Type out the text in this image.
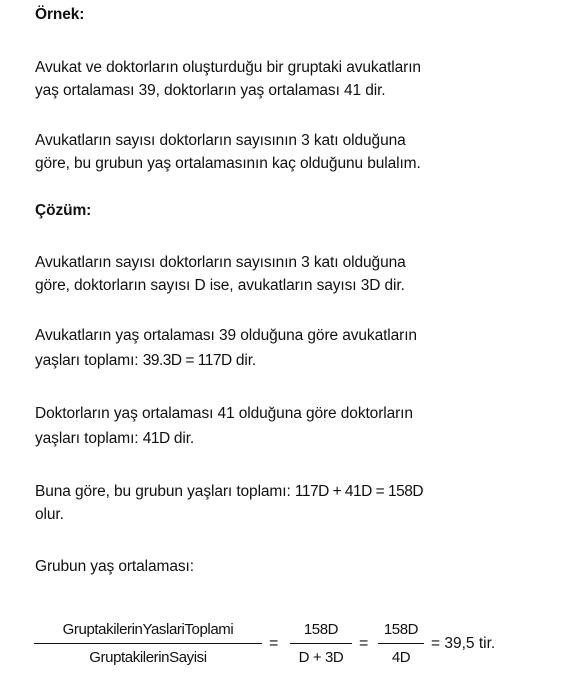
Örnek:
Avukat ve doktorların oluşturduğu bir gruptaki avukatların
yaş ortalaması 39, doktorların yaş ortalaması 41 dir.
Avukatların sayısı doktorların sayısının 3 katı olduğuna
göre, bu grubun yaş ortalamasının kaç olduğunu bulalım.
Çözüm:
Avukatların sayısı doktorların sayısının 3 katı olduğuna
göre, doktorların sayısı D ise, avukatların sayısı 3D dir.
Avukatların yaş ortalaması 39 olduğuna göre avukatların
yaşları toplamı: 39.3D = 117D dir.
Doktorların yaş ortalaması 41 olduğuna göre doktorların
yaşları toplamı: 41D dir.
Buna göre, bu grubun yaşları toplamı: 117D + 41D = 158D
olur.
Grubun yaş ortalaması:
GruptakilerinYaslariToplami
GruptakilerinSayisi
=
158D
D + 3D
=
158D
4D
= 39,5 tir.
